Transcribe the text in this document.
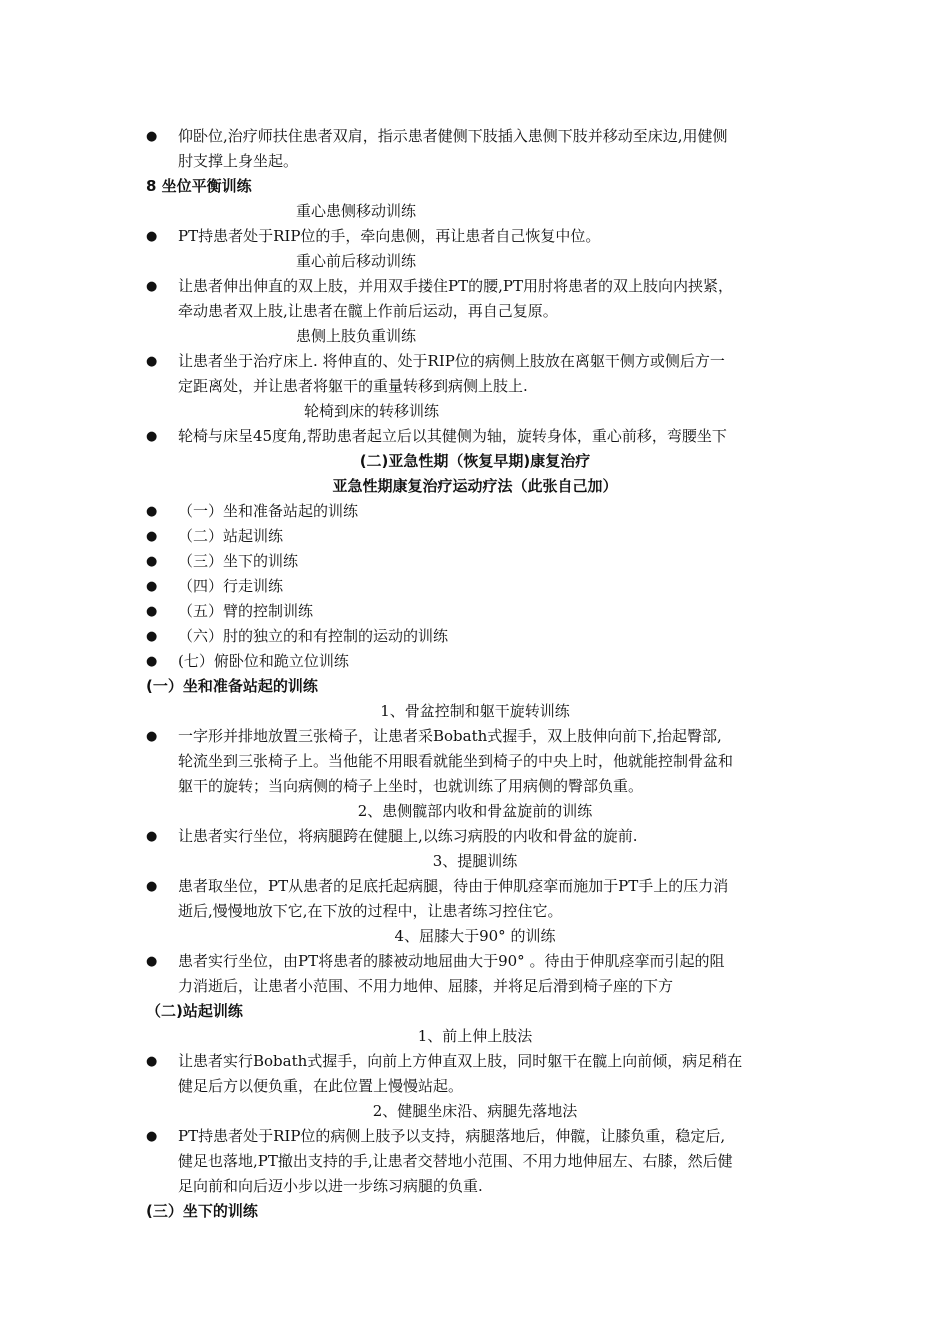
● 仰卧位,治疗师扶住患者双肩，指示患者健侧下肢插入患侧下肢并移动至床边,用健侧
肘支撑上身坐起。
8 坐位平衡训练
重心患侧移动训练
● PT持患者处于RIP位的手，牵向患侧，再让患者自己恢复中位。
重心前后移动训练
● 让患者伸出伸直的双上肢，并用双手搂住PT的腰,PT用肘将患者的双上肢向内挟紧，
牵动患者双上肢,让患者在髋上作前后运动，再自己复原。
患侧上肢负重训练
● 让患者坐于治疗床上. 将伸直的、处于RIP位的病侧上肢放在离躯干侧方或侧后方一
定距离处，并让患者将躯干的重量转移到病侧上肢上.
轮椅到床的转移训练
● 轮椅与床呈45度角,帮助患者起立后以其健侧为轴，旋转身体，重心前移，弯腰坐下
(二)亚急性期（恢复早期)康复治疗
亚急性期康复治疗运动疗法（此张自己加）
● （一）坐和准备站起的训练
● （二）站起训练
● （三）坐下的训练
● （四）行走训练
● （五）臂的控制训练
● （六）肘的独立的和有控制的运动的训练
● (七）俯卧位和跪立位训练
(一）坐和准备站起的训练
1、骨盆控制和躯干旋转训练
● 一字形并排地放置三张椅子，让患者采Bobath式握手，双上肢伸向前下,抬起臀部,
轮流坐到三张椅子上。当他能不用眼看就能坐到椅子的中央上时，他就能控制骨盆和
躯干的旋转；当向病侧的椅子上坐时，也就训练了用病侧的臀部负重。
2、患侧髋部内收和骨盆旋前的训练
● 让患者实行坐位，将病腿跨在健腿上,以练习病股的内收和骨盆的旋前.
3、提腿训练
● 患者取坐位，PT从患者的足底托起病腿，待由于伸肌痉挛而施加于PT手上的压力消
逝后,慢慢地放下它,在下放的过程中，让患者练习控住它。
4、屈膝大于90° 的训练
● 患者实行坐位，由PT将患者的膝被动地屈曲大于90° 。待由于伸肌痉挛而引起的阻
力消逝后，让患者小范围、不用力地伸、屈膝，并将足后滑到椅子座的下方
（二)站起训练
1、前上伸上肢法
● 让患者实行Bobath式握手，向前上方伸直双上肢，同时躯干在髋上向前倾，病足稍在
健足后方以便负重，在此位置上慢慢站起。
2、健腿坐床沿、病腿先落地法
● PT持患者处于RIP位的病侧上肢予以支持，病腿落地后，伸髋，让膝负重，稳定后,
健足也落地,PT撤出支持的手,让患者交替地小范围、不用力地伸屈左、右膝，然后健
足向前和向后迈小步以进一步练习病腿的负重.
(三）坐下的训练
